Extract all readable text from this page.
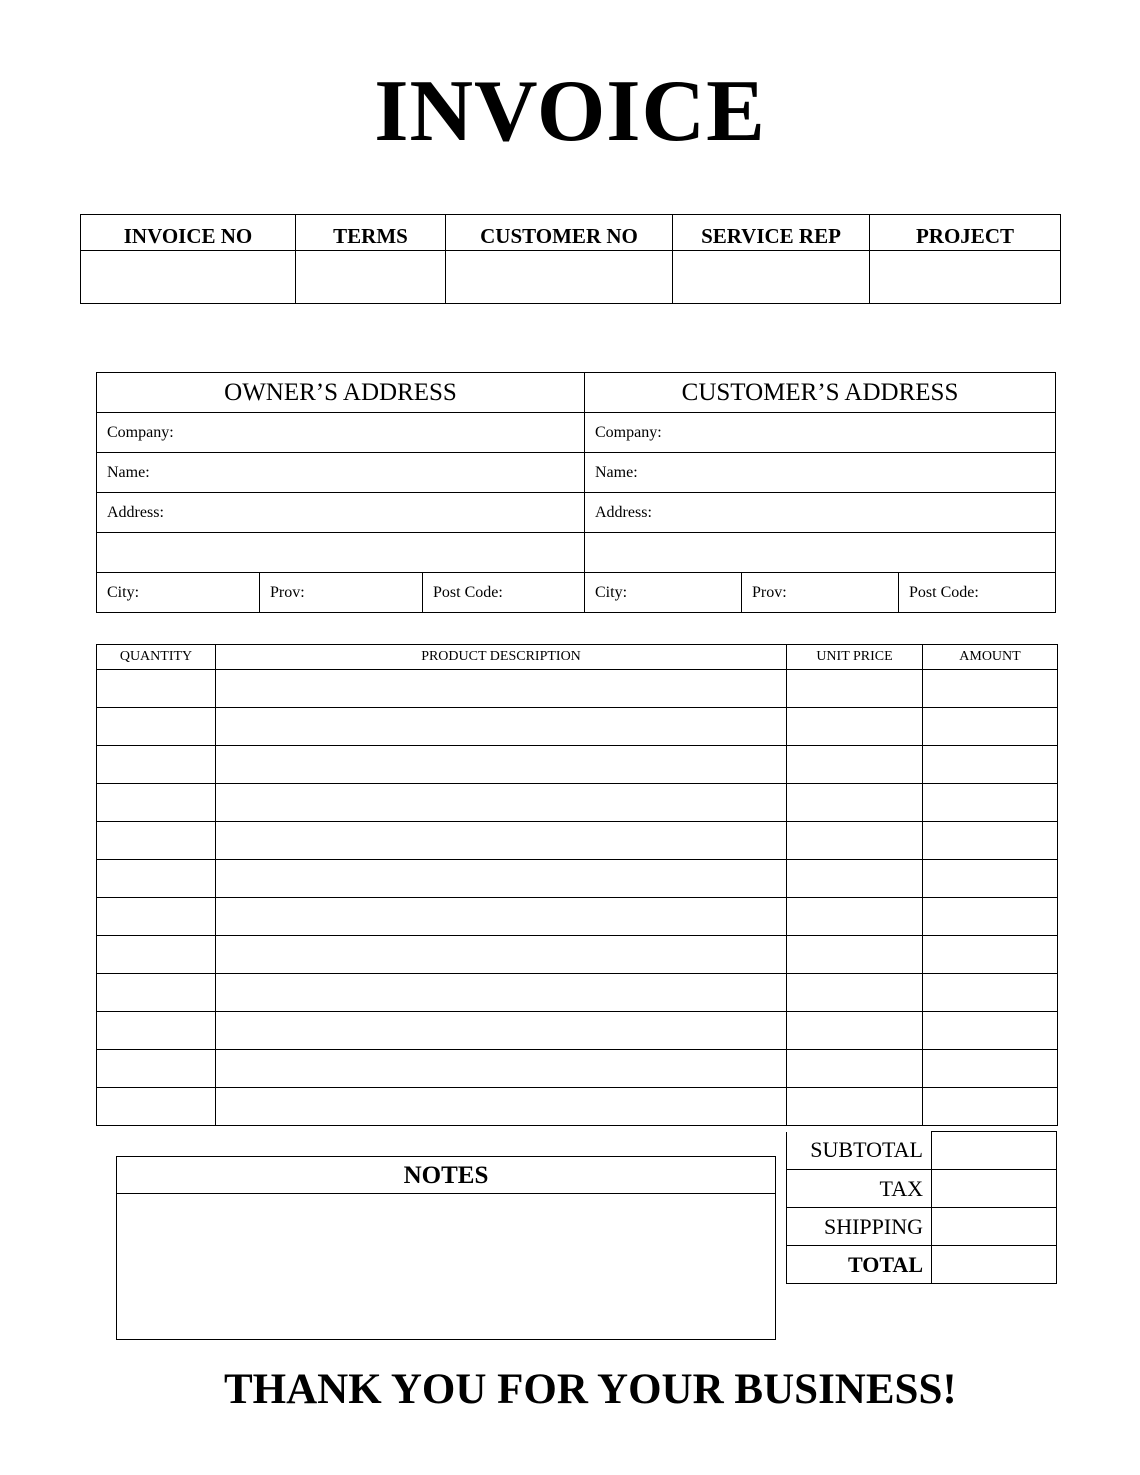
INVOICE
INVOICE NO	TERMS	CUSTOMER NO	SERVICE REP	PROJECT

OWNER’S ADDRESS			CUSTOMER’S ADDRESS		
Company:			Company:		
Name:			Name:		
Address:			Address:		

City:	Prov:	Post Code:	City:	Prov:	Post Code:
QUANTITY	PRODUCT DESCRIPTION	UNIT PRICE	AMOUNT

SUBTOTAL	
TAX	
SHIPPING	
TOTAL	
NOTES
THANK YOU FOR YOUR BUSINESS!
